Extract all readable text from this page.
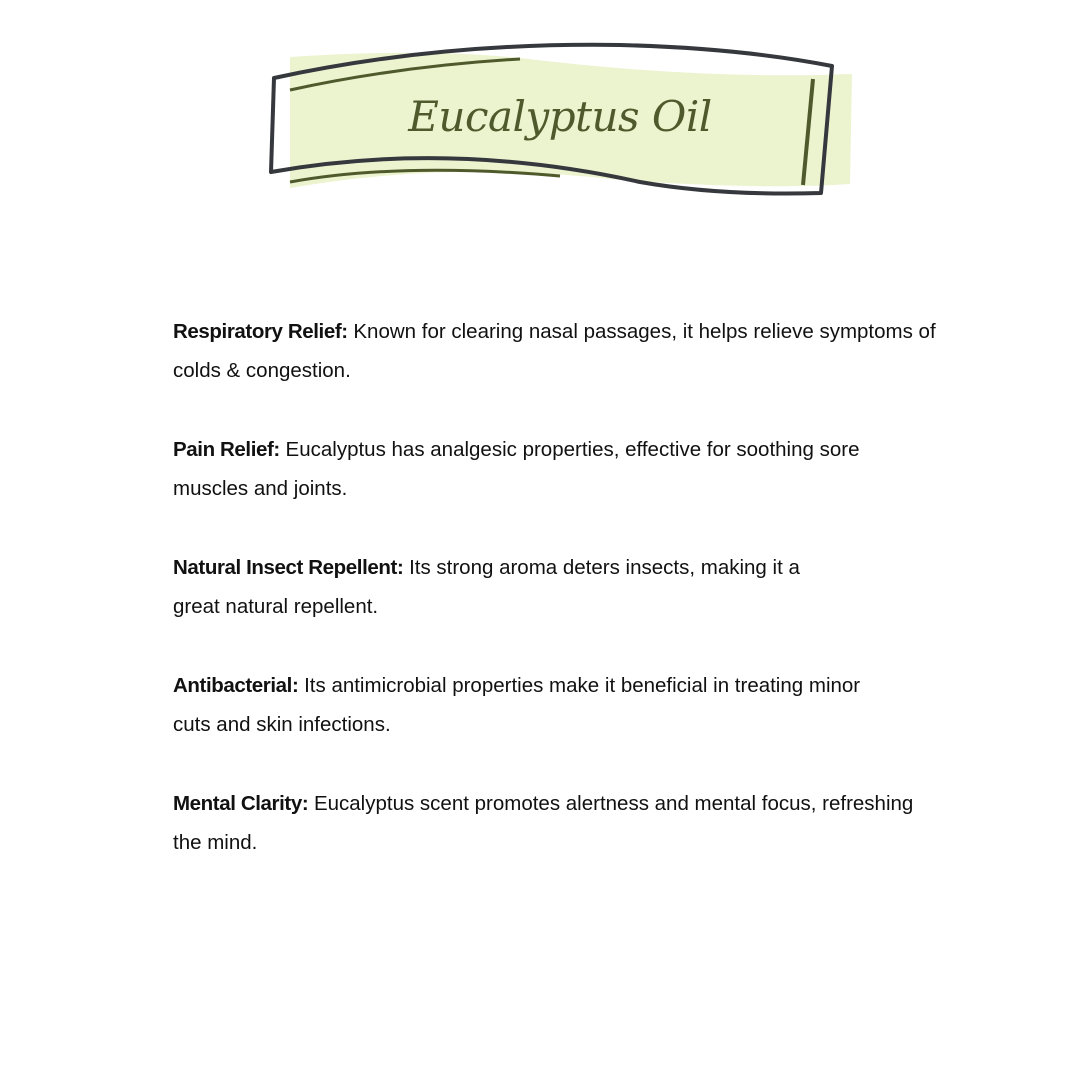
Eucalyptus Oil
Respiratory Relief: Known for clearing nasal passages, it helps relieve symptoms of
colds & congestion.
Pain Relief: Eucalyptus has analgesic properties, effective for soothing sore
muscles and joints.
Natural Insect Repellent: Its strong aroma deters insects, making it a
great natural repellent.
Antibacterial: Its antimicrobial properties make it beneficial in treating minor
cuts and skin infections.
Mental Clarity: Eucalyptus scent promotes alertness and mental focus, refreshing
the mind.
